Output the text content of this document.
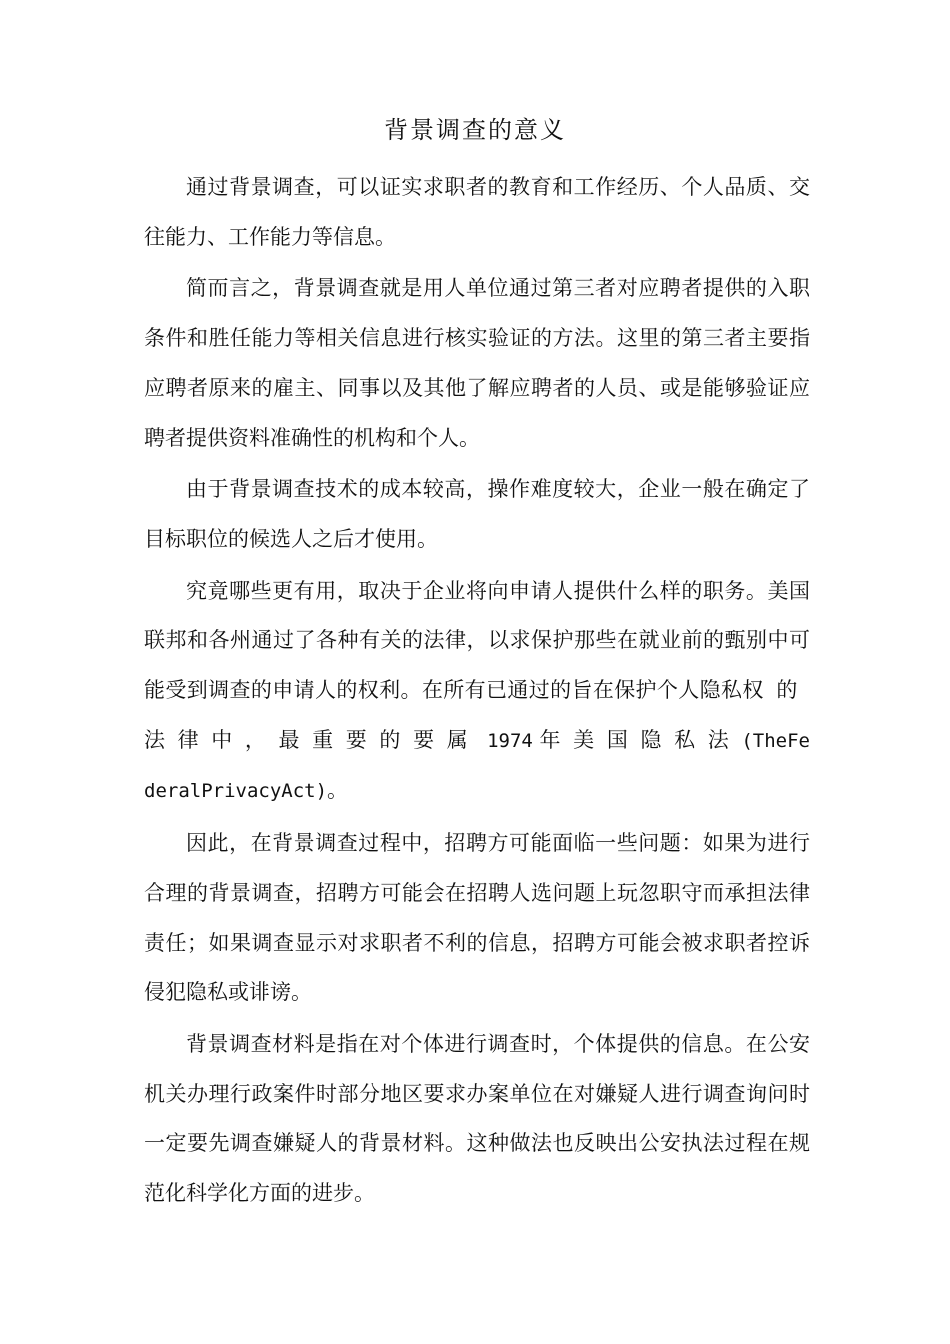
背景调查的意义

通过背景调查，可以证实求职者的教育和工作经历、个人品质、交往能力、工作能力等信息。

简而言之，背景调查就是用人单位通过第三者对应聘者提供的入职条件和胜任能力等相关信息进行核实验证的方法。这里的第三者主要指应聘者原来的雇主、同事以及其他了解应聘者的人员、或是能够验证应聘者提供资料准确性的机构和个人。

由于背景调查技术的成本较高，操作难度较大，企业一般在确定了目标职位的候选人之后才使用。

究竟哪些更有用，取决于企业将向申请人提供什么样的职务。美国联邦和各州通过了各种有关的法律，以求保护那些在就业前的甄别中可能受到调查的申请人的权利。在所有已通过的旨在保护个人隐私权的法律中，最重要的要属 1974 年美国隐私法(TheFederalPrivacyAct)。

因此，在背景调查过程中，招聘方可能面临一些问题：如果为进行合理的背景调查，招聘方可能会在招聘人选问题上玩忽职守而承担法律责任；如果调查显示对求职者不利的信息，招聘方可能会被求职者控诉侵犯隐私或诽谤。

背景调查材料是指在对个体进行调查时，个体提供的信息。在公安机关办理行政案件时部分地区要求办案单位在对嫌疑人进行调查询问时一定要先调查嫌疑人的背景材料。这种做法也反映出公安执法过程在规范化科学化方面的进步。
